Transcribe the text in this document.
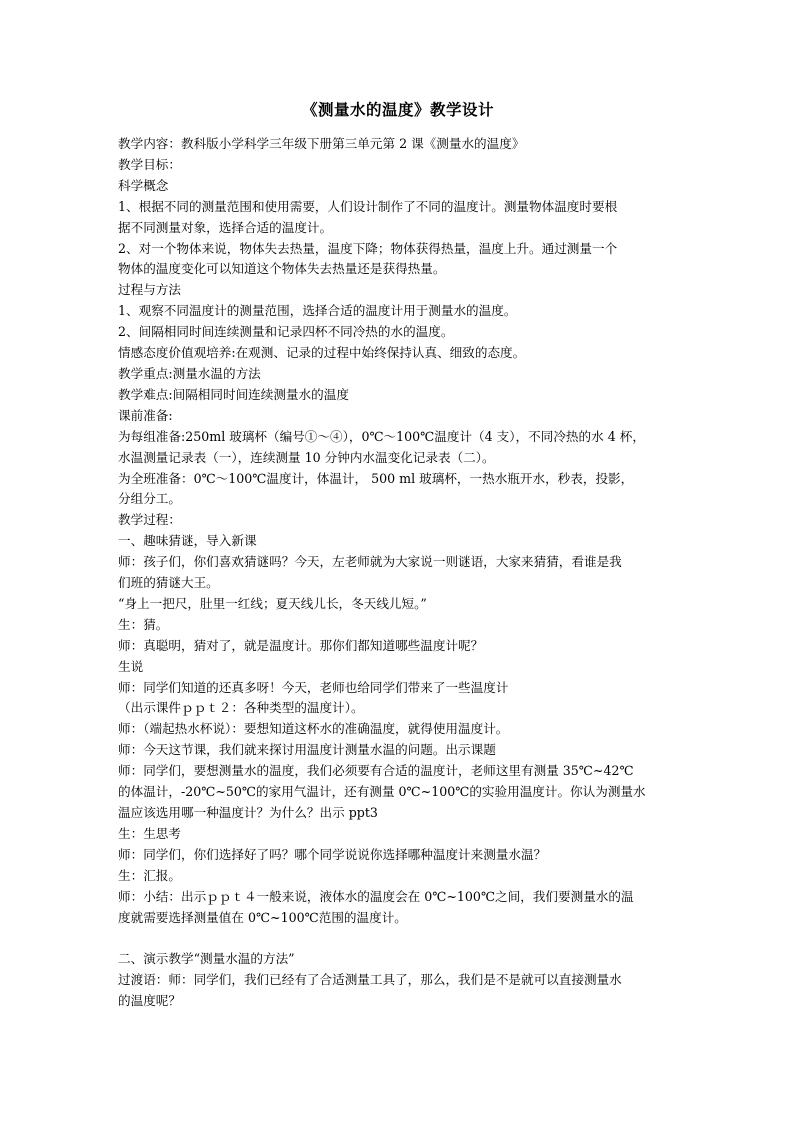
《测量水的温度》教学设计

教学内容：教科版小学科学三年级下册第三单元第 2 课《测量水的温度》

教学目标：

科学概念

1、根据不同的测量范围和使用需要，人们设计制作了不同的温度计。测量物体温度时要根

据不同测量对象，选择合适的温度计。

2、对一个物体来说，物体失去热量，温度下降；物体获得热量，温度上升。通过测量一个

物体的温度变化可以知道这个物体失去热量还是获得热量。

过程与方法

1、观察不同温度计的测量范围，选择合适的温度计用于测量水的温度。

2、间隔相同时间连续测量和记录四杯不同冷热的水的温度。

情感态度价值观培养:在观测、记录的过程中始终保持认真、细致的态度。

教学重点:测量水温的方法

教学难点:间隔相同时间连续测量水的温度

课前准备:

为每组准备:250ml 玻璃杯（编号①～④），0℃～100℃温度计（4 支），不同冷热的水 4 杯，

水温测量记录表（一），连续测量 10 分钟内水温变化记录表（二）。

为全班准备：0℃～100℃温度计，体温计， 500 ml 玻璃杯，一热水瓶开水，秒表，投影，

分组分工。

教学过程：

一、趣味猜谜，导入新课

师：孩子们，你们喜欢猜谜吗？今天，左老师就为大家说一则谜语，大家来猜猜，看谁是我

们班的猜谜大王。

“身上一把尺，肚里一红线；夏天线儿长，冬天线儿短。”

生：猜。

师：真聪明，猜对了，就是温度计。那你们都知道哪些温度计呢？

生说

师：同学们知道的还真多呀！今天，老师也给同学们带来了一些温度计

（出示课件ｐｐｔ２：各种类型的温度计）。

师：（端起热水杯说）：要想知道这杯水的准确温度，就得使用温度计。

师：今天这节课，我们就来探讨用温度计测量水温的问题。出示课题

师：同学们，要想测量水的温度，我们必须要有合适的温度计，老师这里有测量 35℃~42℃

的体温计，-20℃~50℃的家用气温计，还有测量 0℃~100℃的实验用温度计。你认为测量水

温应该选用哪一种温度计？为什么？出示 ppt3

生：生思考

师：同学们，你们选择好了吗？哪个同学说说你选择哪种温度计来测量水温？

生：汇报。

师：小结：出示ｐｐｔ４一般来说，液体水的温度会在 0℃~100℃之间，我们要测量水的温

度就需要选择测量值在 0℃~100℃范围的温度计。

二、演示教学“测量水温的方法”

过渡语：师：同学们，我们已经有了合适测量工具了，那么，我们是不是就可以直接测量水

的温度呢？
